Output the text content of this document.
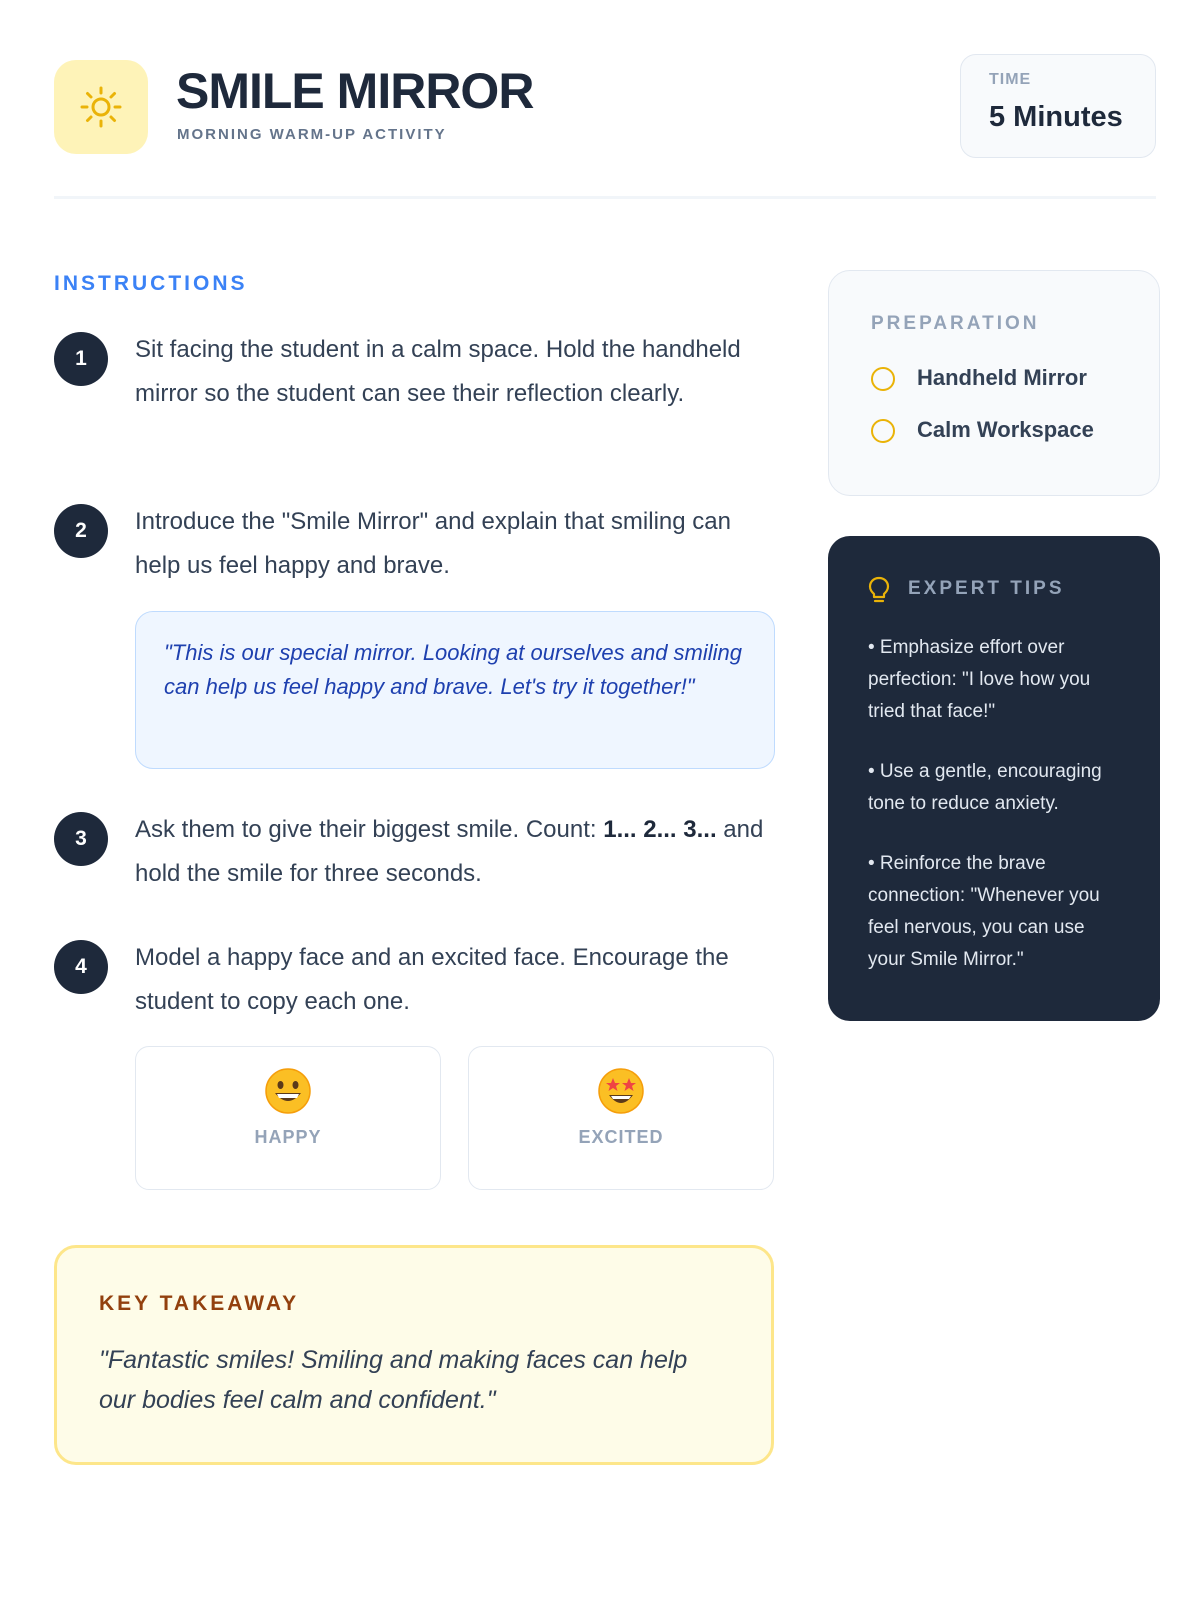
SMILE MIRROR
MORNING WARM-UP ACTIVITY
TIME
5 Minutes
INSTRUCTIONS
1	Sit facing the student in a calm space. Hold the handheld mirror so the student can see their reflection clearly.
2	Introduce the "Smile Mirror" and explain that smiling can help us feel happy and brave.
"This is our special mirror. Looking at ourselves and smiling can help us feel happy and brave. Let's try it together!"
3	Ask them to give their biggest smile. Count: 1... 2... 3... and hold the smile for three seconds.
4	Model a happy face and an excited face. Encourage the student to copy each one.
HAPPY	EXCITED
KEY TAKEAWAY
"Fantastic smiles! Smiling and making faces can help our bodies feel calm and confident."
PREPARATION
Handheld Mirror
Calm Workspace
EXPERT TIPS
• Emphasize effort over perfection: "I love how you tried that face!"
• Use a gentle, encouraging tone to reduce anxiety.
• Reinforce the brave connection: "Whenever you feel nervous, you can use your Smile Mirror."
